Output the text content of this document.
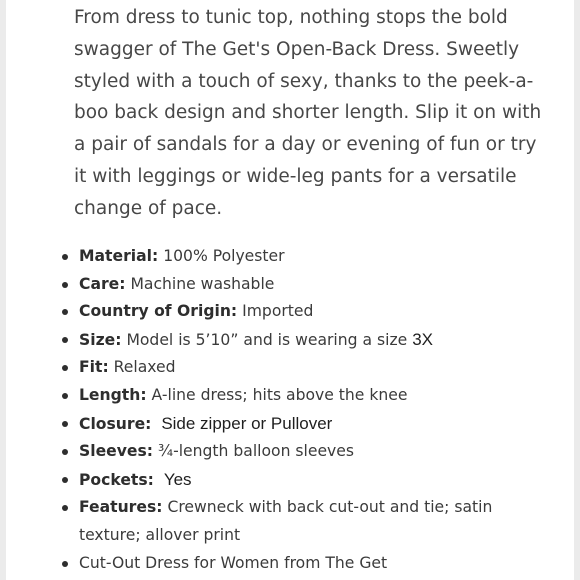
From dress to tunic top, nothing stops the bold swagger of The Get's Open-Back Dress. Sweetly styled with a touch of sexy, thanks to the peek-a-boo back design and shorter length. Slip it on with a pair of sandals for a day or evening of fun or try it with leggings or wide-leg pants for a versatile change of pace.

Material: 100% Polyester
Care: Machine washable
Country of Origin: Imported
Size: Model is 5’10” and is wearing a size 3X
Fit: Relaxed
Length: A-line dress; hits above the knee
Closure: Side zipper or Pullover
Sleeves: ¾-length balloon sleeves
Pockets: Yes
Features: Crewneck with back cut-out and tie; satin texture; allover print
Cut-Out Dress for Women from The Get
